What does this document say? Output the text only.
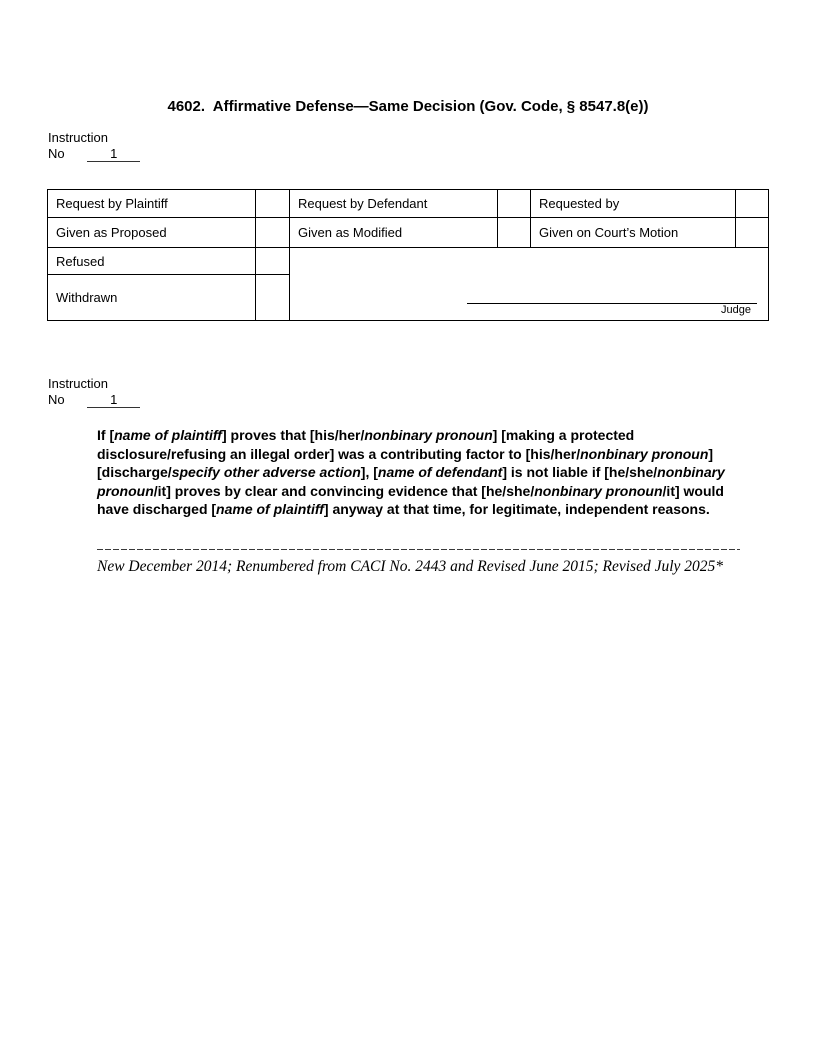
4602.  Affirmative Defense—Same Decision (Gov. Code, § 8547.8(e))
Instruction
No	1
Request by Plaintiff		Request by Defendant		Requested by	
Given as Proposed		Given as Modified		Given on Court’s Motion	
Refused		Judge			

Withdrawn					
Instruction
No	1
If [name of plaintiff] proves that [his/her/nonbinary pronoun] [making a protected disclosure/refusing an illegal order] was a contributing factor to [his/her/nonbinary pronoun] [discharge/specify other adverse action], [name of defendant] is not liable if [he/she/nonbinary pronoun/it] proves by clear and convincing evidence that [he/she/nonbinary pronoun/it] would have discharged [name of plaintiff] anyway at that time, for legitimate, independent reasons.
New December 2014; Renumbered from CACI No. 2443 and Revised June 2015; Revised July 2025*
